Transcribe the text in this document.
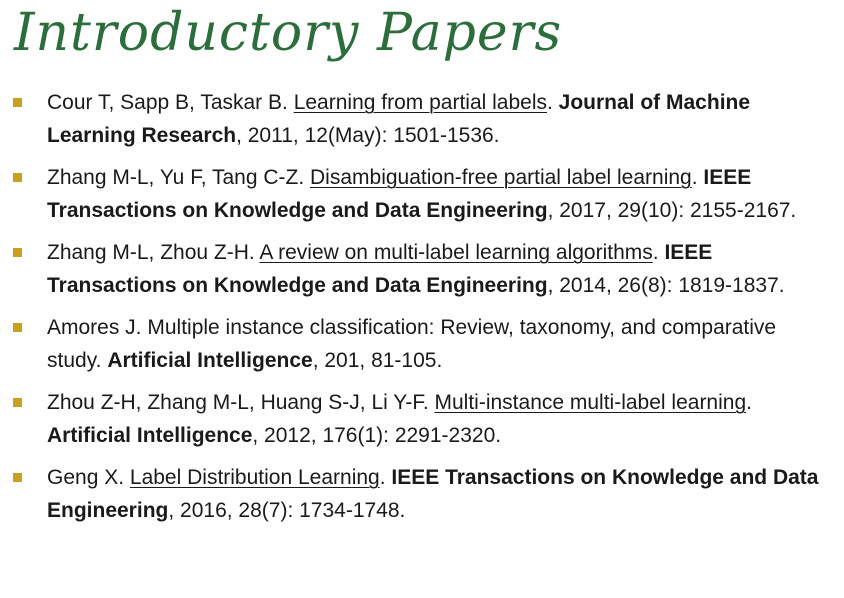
Introductory Papers
Cour T, Sapp B, Taskar B. Learning from partial labels. Journal of Machine Learning Research, 2011, 12(May): 1501-1536.
Zhang M-L, Yu F, Tang C-Z. Disambiguation-free partial label learning. IEEE Transactions on Knowledge and Data Engineering, 2017, 29(10): 2155-2167.
Zhang M-L, Zhou Z-H. A review on multi-label learning algorithms. IEEE Transactions on Knowledge and Data Engineering, 2014, 26(8): 1819-1837.
Amores J. Multiple instance classification: Review, taxonomy, and comparative study. Artificial Intelligence, 201, 81-105.
Zhou Z-H, Zhang M-L, Huang S-J, Li Y-F. Multi-instance multi-label learning. Artificial Intelligence, 2012, 176(1): 2291-2320.
Geng X. Label Distribution Learning. IEEE Transactions on Knowledge and Data Engineering, 2016, 28(7): 1734-1748.
